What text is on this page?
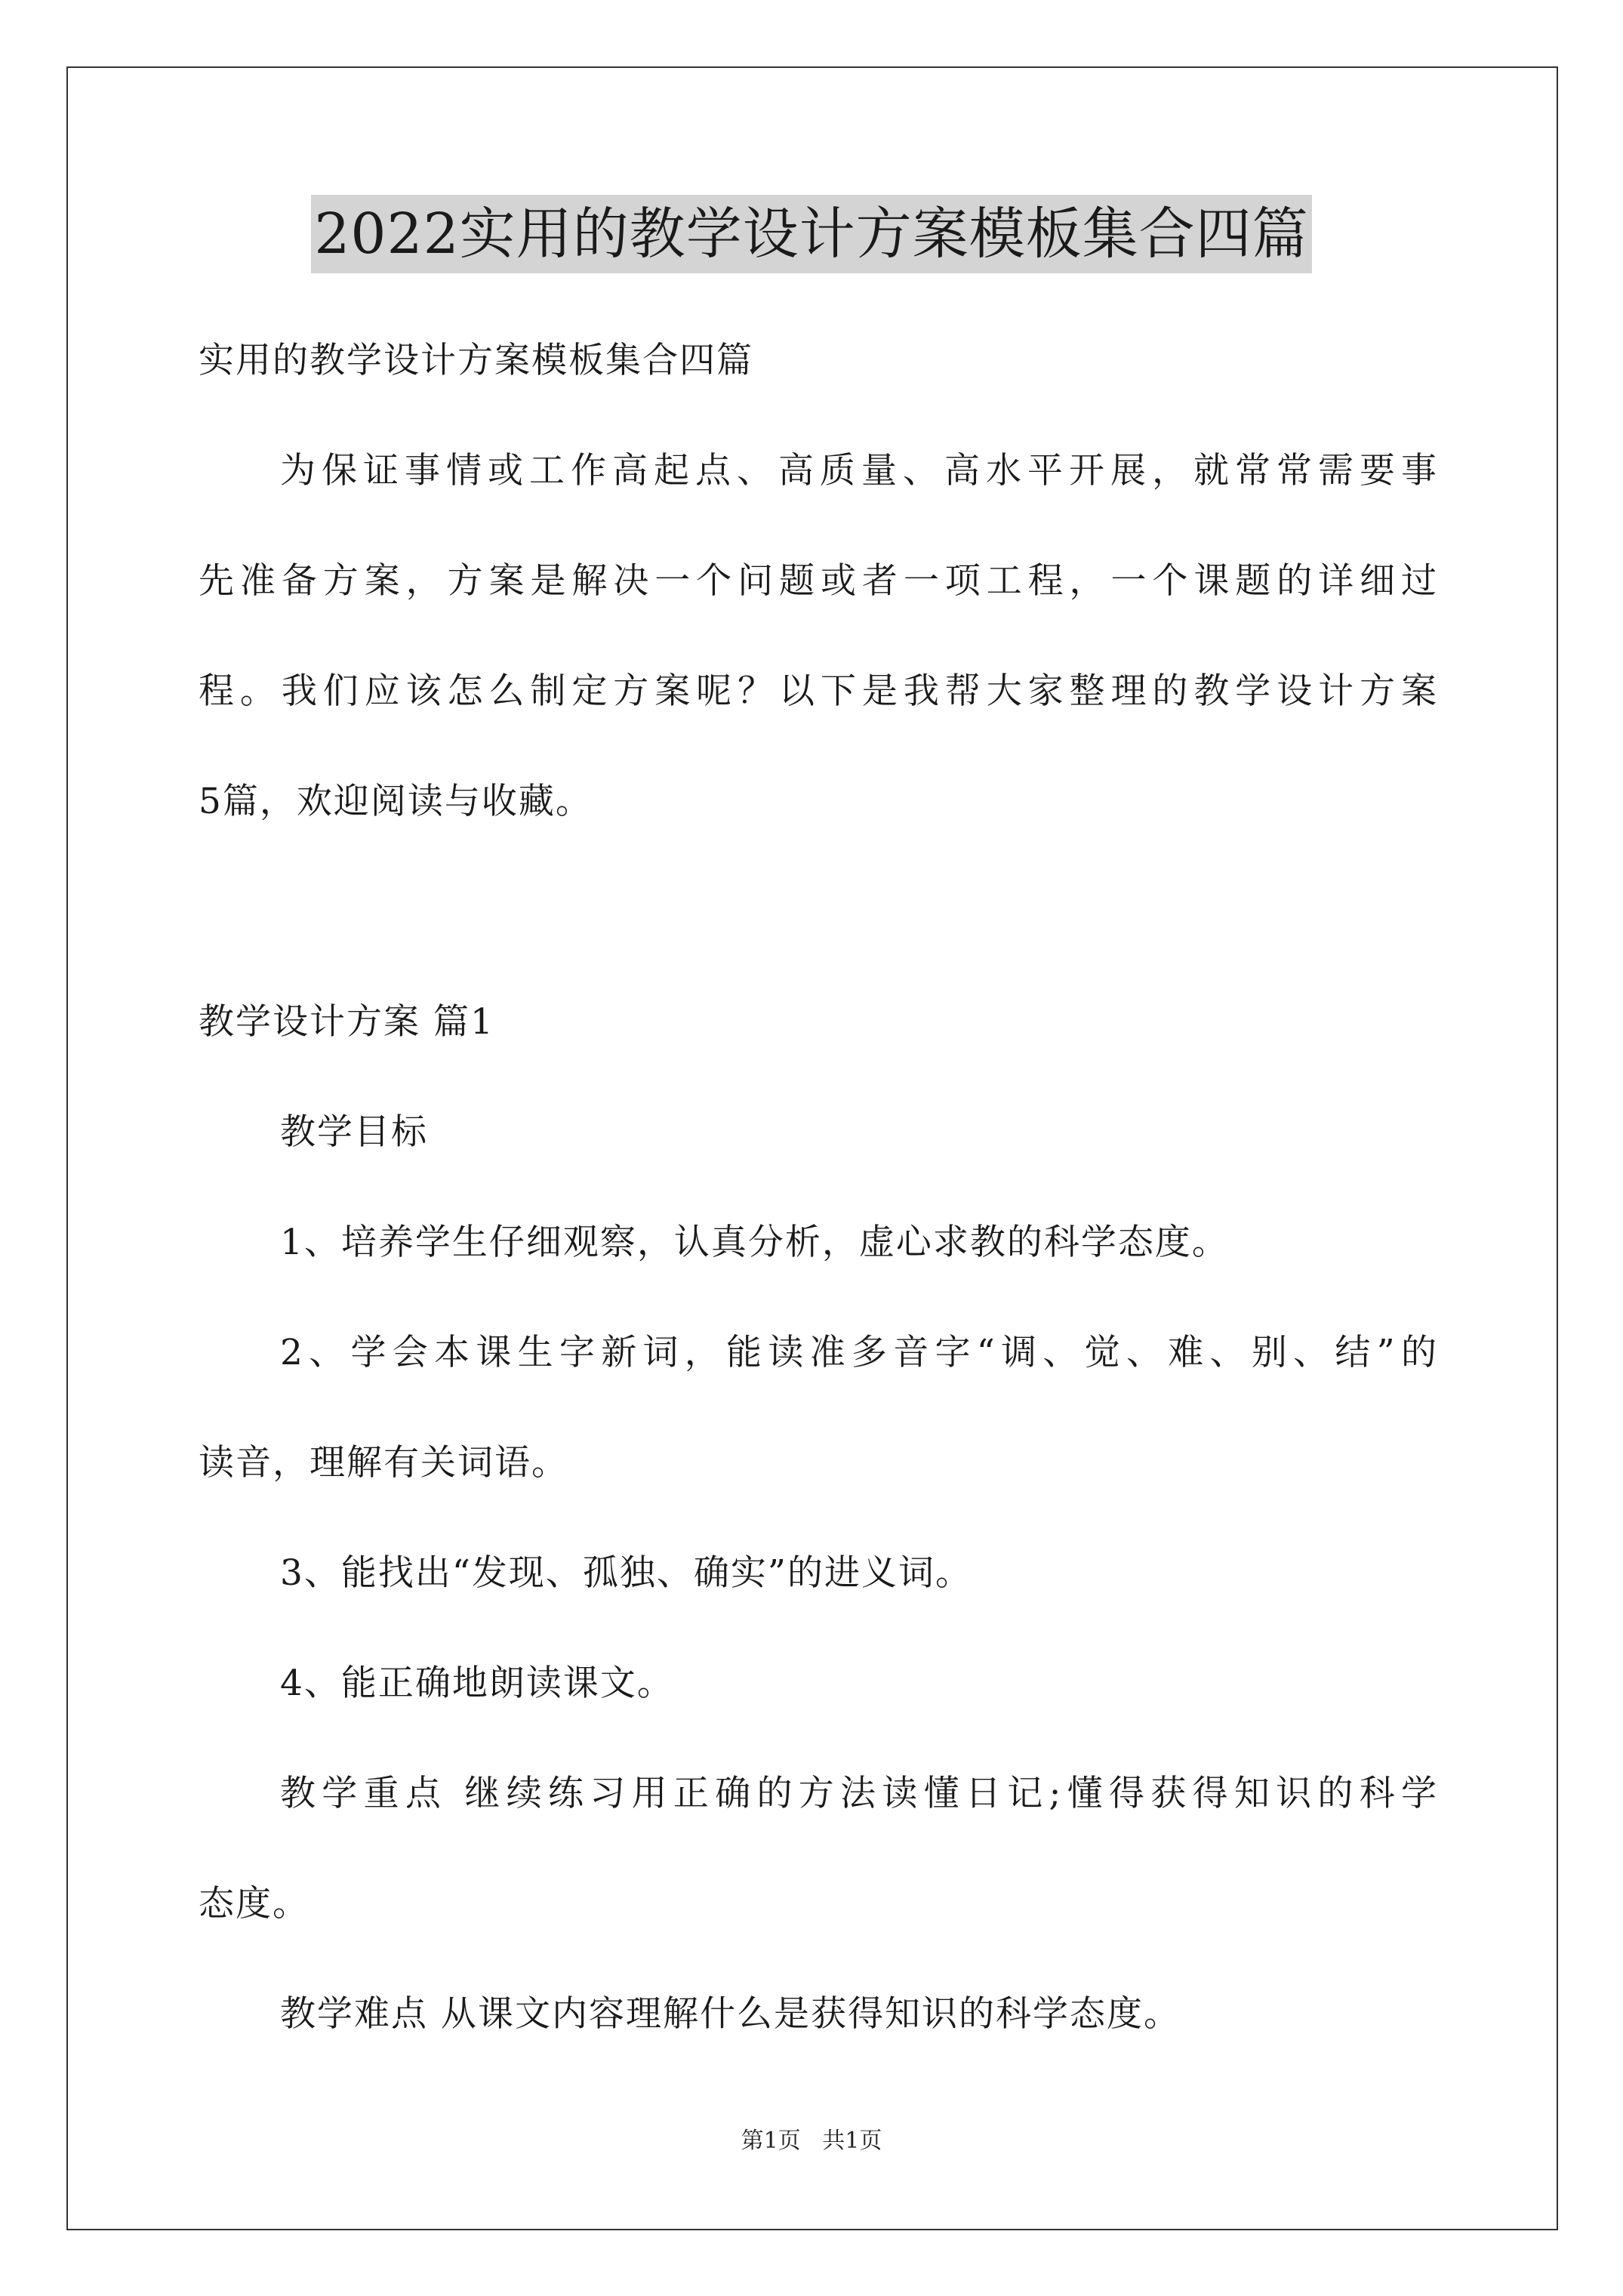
2022实用的教学设计方案模板集合四篇
实用的教学设计方案模板集合四篇
为保证事情或工作高起点、高质量、高水平开展，就常常需要事
先准备方案，方案是解决一个问题或者一项工程，一个课题的详细过
程。我们应该怎么制定方案呢？以下是我帮大家整理的教学设计方案
5篇，欢迎阅读与收藏。
教学设计方案 篇1
教学目标
1、培养学生仔细观察，认真分析，虚心求教的科学态度。
2、学会本课生字新词，能读准多音字“调、觉、难、别、结”的
读音，理解有关词语。
3、能找出“发现、孤独、确实”的进义词。
4、能正确地朗读课文。
教学重点 继续练习用正确的方法读懂日记;懂得获得知识的科学
态度。
教学难点 从课文内容理解什么是获得知识的科学态度。
第1页   共1页
